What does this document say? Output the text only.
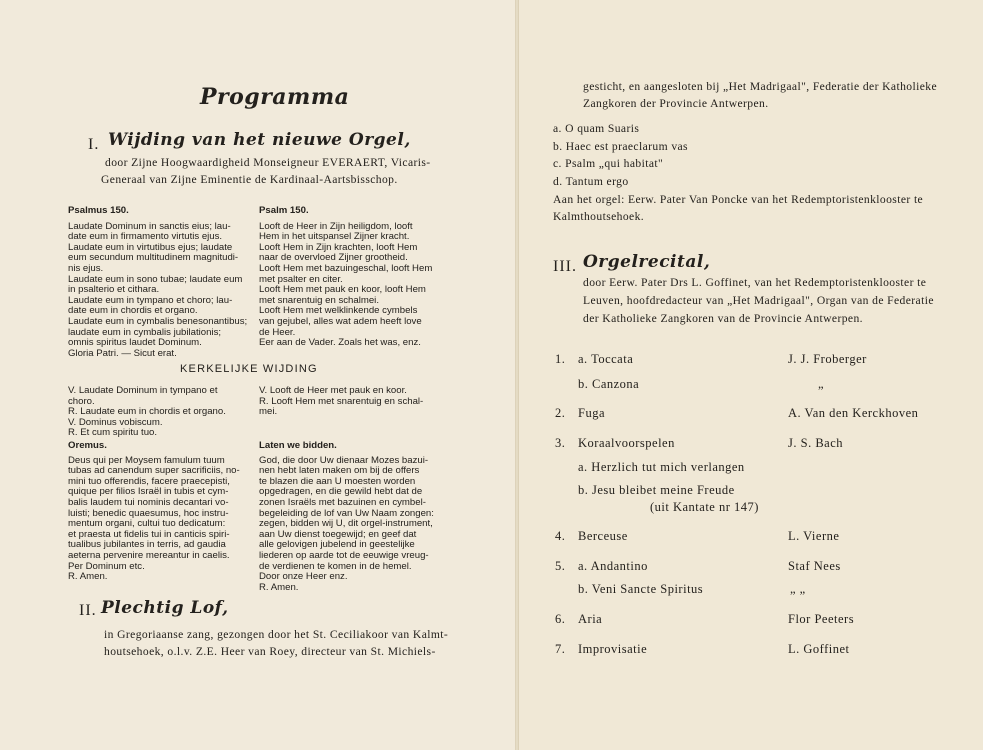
Programma
I. Wijding van het nieuwe Orgel,
door Zijne Hoogwaardigheid Monseigneur EVERAERT, Vicaris-
Generaal van Zijne Eminentie de Kardinaal-Aartsbisschop.
Psalmus 150.
Laudate Dominum in sanctis eius; lau-
date eum in firmamento virtutis ejus.
Laudate eum in virtutibus ejus; laudate
eum secundum multitudinem magnitudi-
nis ejus.
Laudate eum in sono tubae; laudate eum
in psalterio et cithara.
Laudate eum in tympano et choro; lau-
date eum in chordis et organo.
Laudate eum in cymbalis benesonantibus;
laudate eum in cymbalis jubilationis;
omnis spiritus laudet Dominum.
Gloria Patri. — Sicut erat.
Psalm 150.
Looft de Heer in Zijn heiligdom, looft
Hem in het uitspansel Zijner kracht.
Looft Hem in Zijn krachten, looft Hem
naar de overvloed Zijner grootheid.
Looft Hem met bazuingeschal, looft Hem
met psalter en citer.
Looft Hem met pauk en koor, looft Hem
met snarentuig en schalmei.
Looft Hem met welklinkende cymbels
van gejubel, alles wat adem heeft love
de Heer.
Eer aan de Vader. Zoals het was, enz.
KERKELIJKE WIJDING
V. Laudate Dominum in tympano et
choro.
R. Laudate eum in chordis et organo.
V. Dominus vobiscum.
R. Et cum spiritu tuo.
V. Looft de Heer met pauk en koor.
R. Looft Hem met snarentuig en schal-
mei.
Oremus.
Deus qui per Moysem famulum tuum
tubas ad canendum super sacrificiis, no-
mini tuo offerendis, facere praecepisti,
quique per filios Israël in tubis et cym-
balis laudem tui nominis decantari vo-
luisti; benedic quaesumus, hoc instru-
mentum organi, cultui tuo dedicatum:
et praesta ut fidelis tui in canticis spiri-
tualibus jubilantes in terris, ad gaudia
aeterna pervenire mereantur in caelis.
Per Dominum etc.
R. Amen.
Laten we bidden.
God, die door Uw dienaar Mozes bazui-
nen hebt laten maken om bij de offers
te blazen die aan U moesten worden
opgedragen, en die gewild hebt dat de
zonen Israëls met bazuinen en cymbel-
begeleiding de lof van Uw Naam zongen:
zegen, bidden wij U, dit orgel-instrument,
aan Uw dienst toegewijd; en geef dat
alle gelovigen jubelend in geestelijke
liederen op aarde tot de eeuwige vreug-
de verdienen te komen in de hemel.
Door onze Heer enz.
R. Amen.
II. Plechtig Lof,
in Gregoriaanse zang, gezongen door het St. Ceciliakoor van Kalmt-
houtsehoek, o.l.v. Z.E. Heer van Roey, directeur van St. Michiels-
gesticht, en aangesloten bij „Het Madrigaal", Federatie der Katholieke
Zangkoren der Provincie Antwerpen.
a. O quam Suaris
b. Haec est praeclarum vas
c. Psalm „qui habitat"
d. Tantum ergo
Aan het orgel: Eerw. Pater Van Poncke van het Redemptoristenklooster te
Kalmthoutsehoek.
III. Orgelrecital,
door Eerw. Pater Drs L. Goffinet, van het Redemptoristenklooster te
Leuven, hoofdredacteur van „Het Madrigaal", Organ van de Federatie
der Katholieke Zangkoren van de Provincie Antwerpen.
1. a. Toccata	J. J. Froberger
b. Canzona	„
2. Fuga	A. Van den Kerckhoven
3. Koraalvoorspelen	J. S. Bach
a. Herzlich tut mich verlangen
b. Jesu bleibet meine Freude
(uit Kantate nr 147)
4. Berceuse	L. Vierne
5. a. Andantino	Staf Nees
b. Veni Sancte Spiritus	„ „
6. Aria	Flor Peeters
7. Improvisatie	L. Goffinet
